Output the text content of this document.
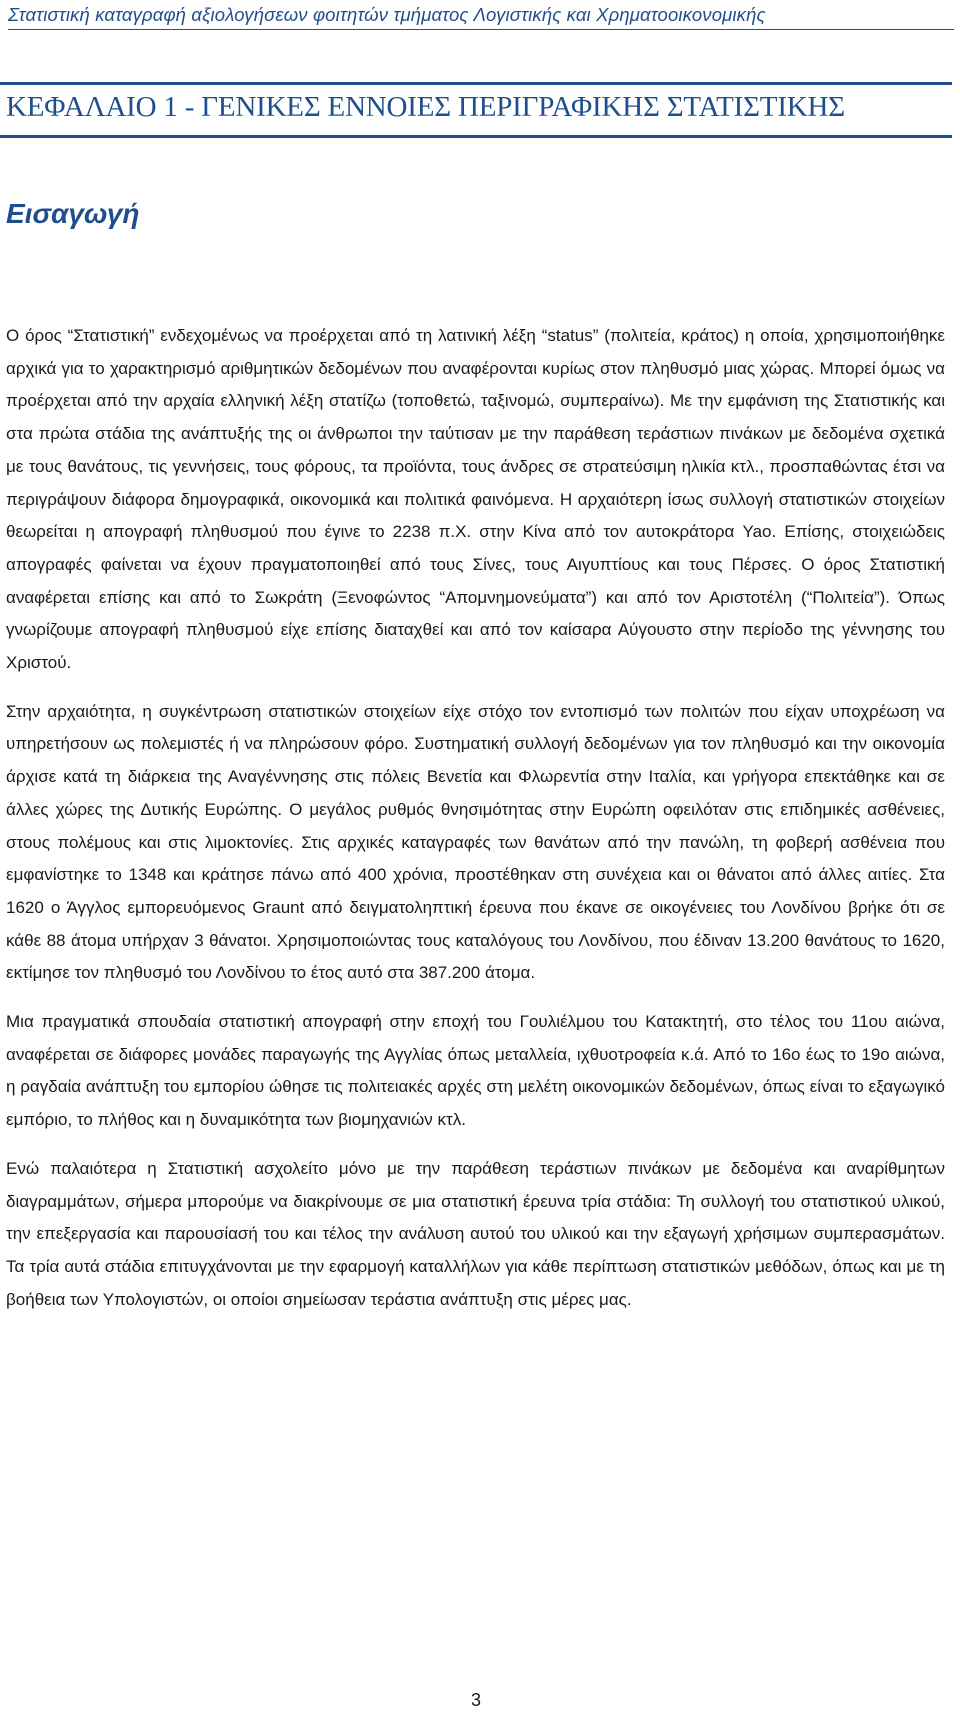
Στατιστική καταγραφή αξιολογήσεων φοιτητών τμήματος Λογιστικής και Χρηματοοικονομικής
ΚΕΦΑΛΑΙΟ 1 - ΓΕΝΙΚΕΣ ΕΝΝΟΙΕΣ ΠΕΡΙΓΡΑΦΙΚΗΣ ΣΤΑΤΙΣΤΙΚΗΣ
Εισαγωγή

Ο όρος “Στατιστική” ενδεχομένως να προέρχεται από τη λατινική λέξη “status” (πολιτεία, κράτος) η οποία, χρησιμοποιήθηκε αρχικά για το χαρακτηρισμό αριθμητικών δεδομένων που αναφέρονται κυρίως στον πληθυσμό μιας χώρας. Μπορεί όμως να προέρχεται από την αρχαία ελληνική λέξη στατίζω (τοποθετώ, ταξινομώ, συμπεραίνω). Με την εμφάνιση της Στατιστικής και στα πρώτα στάδια της ανάπτυξής της οι άνθρωποι την ταύτισαν με την παράθεση τεράστιων πινάκων με δεδομένα σχετικά με τους θανάτους, τις γεννήσεις, τους φόρους, τα προϊόντα, τους άνδρες σε στρατεύσιμη ηλικία κτλ., προσπαθώντας έτσι να περιγράψουν διάφορα δημογραφικά, οικονομικά και πολιτικά φαινόμενα. Η αρχαιότερη ίσως συλλογή στατιστικών στοιχείων θεωρείται η απογραφή πληθυσμού που έγινε το 2238 π.Χ. στην Κίνα από τον αυτοκράτορα Yao. Επίσης, στοιχειώδεις απογραφές φαίνεται να έχουν πραγματοποιηθεί από τους Σίνες, τους Αιγυπτίους και τους Πέρσες. Ο όρος Στατιστική αναφέρεται επίσης και από το Σωκράτη (Ξενοφώντος “Απομνημονεύματα”) και από τον Αριστοτέλη (“Πολιτεία”). Όπως γνωρίζουμε απογραφή πληθυσμού είχε επίσης διαταχθεί και από τον καίσαρα Αύγουστο στην περίοδο της γέννησης του Χριστού.

Στην αρχαιότητα, η συγκέντρωση στατιστικών στοιχείων είχε στόχο τον εντοπισμό των πολιτών που είχαν υποχρέωση να υπηρετήσουν ως πολεμιστές ή να πληρώσουν φόρο. Συστηματική συλλογή δεδομένων για τον πληθυσμό και την οικονομία άρχισε κατά τη διάρκεια της Αναγέννησης στις πόλεις Βενετία και Φλωρεντία στην Ιταλία, και γρήγορα επεκτάθηκε και σε άλλες χώρες της Δυτικής Ευρώπης. Ο μεγάλος ρυθμός θνησιμότητας στην Ευρώπη οφειλόταν στις επιδημικές ασθένειες, στους πολέμους και στις λιμοκτονίες. Στις αρχικές καταγραφές των θανάτων από την πανώλη, τη φοβερή ασθένεια που εμφανίστηκε το 1348 και κράτησε πάνω από 400 χρόνια, προστέθηκαν στη συνέχεια και οι θάνατοι από άλλες αιτίες. Στα 1620 ο Άγγλος εμπορευόμενος Graunt από δειγματοληπτική έρευνα που έκανε σε οικογένειες του Λονδίνου βρήκε ότι σε κάθε 88 άτομα υπήρχαν 3 θάνατοι. Χρησιμοποιώντας τους καταλόγους του Λονδίνου, που έδιναν 13.200 θανάτους το 1620, εκτίμησε τον πληθυσμό του Λονδίνου το έτος αυτό στα 387.200 άτομα.

Μια πραγματικά σπουδαία στατιστική απογραφή στην εποχή του Γουλιέλμου του Κατακτητή, στο τέλος του 11ου αιώνα, αναφέρεται σε διάφορες μονάδες παραγωγής της Αγγλίας όπως μεταλλεία, ιχθυοτροφεία κ.ά. Από το 16ο έως το 19ο αιώνα, η ραγδαία ανάπτυξη του εμπορίου ώθησε τις πολιτειακές αρχές στη μελέτη οικονομικών δεδομένων, όπως είναι το εξαγωγικό εμπόριο, το πλήθος και η δυναμικότητα των βιομηχανιών κτλ.

Ενώ παλαιότερα η Στατιστική ασχολείτο μόνο με την παράθεση τεράστιων πινάκων με δεδομένα και αναρίθμητων διαγραμμάτων, σήμερα μπορούμε να διακρίνουμε σε μια στατιστική έρευνα τρία στάδια: Τη συλλογή του στατιστικού υλικού, την επεξεργασία και παρουσίασή του και τέλος την ανάλυση αυτού του υλικού και την εξαγωγή χρήσιμων συμπερασμάτων. Τα τρία αυτά στάδια επιτυγχάνονται με την εφαρμογή καταλλήλων για κάθε περίπτωση στατιστικών μεθόδων, όπως και με τη βοήθεια των Υπολογιστών, οι οποίοι σημείωσαν τεράστια ανάπτυξη στις μέρες μας.

3
